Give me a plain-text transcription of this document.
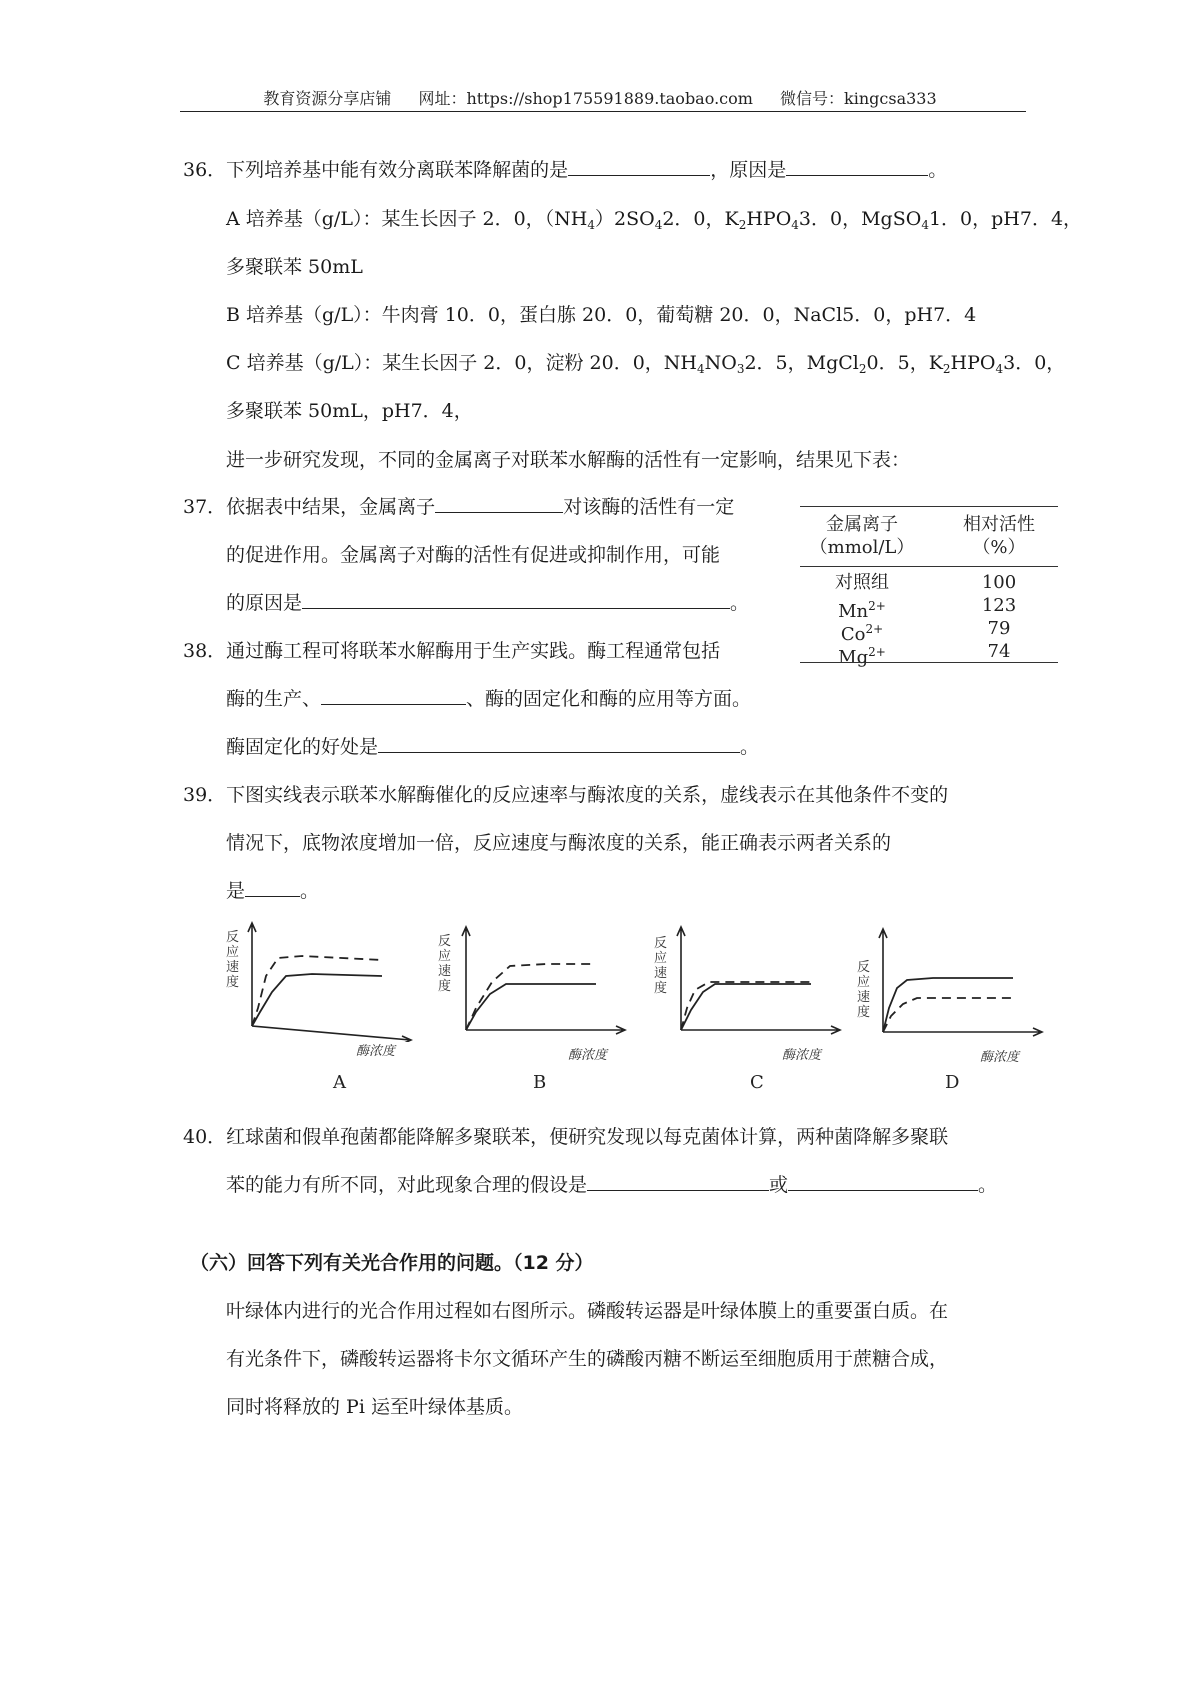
教育资源分享店铺 网址：https://shop175591889.taobao.com 微信号：kingcsa333
36．下列培养基中能有效分离联苯降解菌的是	，原因是	。
A 培养基（g/L）：某生长因子 2．0，$(NH_4)2SO_42$．0，$K_2HPO_43$．0，MgSO$_4$1．0，pH7．4，
多聚联苯 50mL
B 培养基（g/L）：牛肉膏 10．0，蛋白胨 20．0，葡萄糖 20．0，NaCl5．0，pH7．4
C 培养基（g/L）：某生长因子 2．0，淀粉 20．0，$NH_4NO_32$．5，MgCl$_2$0．5，$K_2HPO_43$．0，
多聚联苯 50mL，pH7．4，
进一步研究发现，不同的金属离子对联苯水解酶的活性有一定影响，结果见下表：
37．依据表中结果，金属离子	对该酶的活性有一定
的促进作用。金属离子对酶的活性有促进或抑制作用，可能
的原因是	。
金属离子	相对活性
（mmol/L）	（%）
对照组	100
$Mn^{2+}$	123
$Co^{2+}$	79
$Mg^{2+}$	74
38．通过酶工程可将联苯水解酶用于生产实践。酶工程通常包括
酶的生产、	、酶的固定化和酶的应用等方面。
酶固定化的好处是	。
39．下图实线表示联苯水解酶催化的反应速率与酶浓度的关系，虚线表示在其他条件不变的
情况下，底物浓度增加一倍，反应速度与酶浓度的关系，能正确表示两者关系的
是	。
反应速度
酶浓度
A
反应速度
酶浓度
B
反应速度
酶浓度
C
反应速度
酶浓度
D
40．红球菌和假单孢菌都能降解多聚联苯，便研究发现以每克菌体计算，两种菌降解多聚联
苯的能力有所不同，对此现象合理的假设是	或	。
（六）回答下列有关光合作用的问题。（12 分）
叶绿体内进行的光合作用过程如右图所示。磷酸转运器是叶绿体膜上的重要蛋白质。在
有光条件下，磷酸转运器将卡尔文循环产生的磷酸丙糖不断运至细胞质用于蔗糖合成，
同时将释放的 Pi 运至叶绿体基质。
